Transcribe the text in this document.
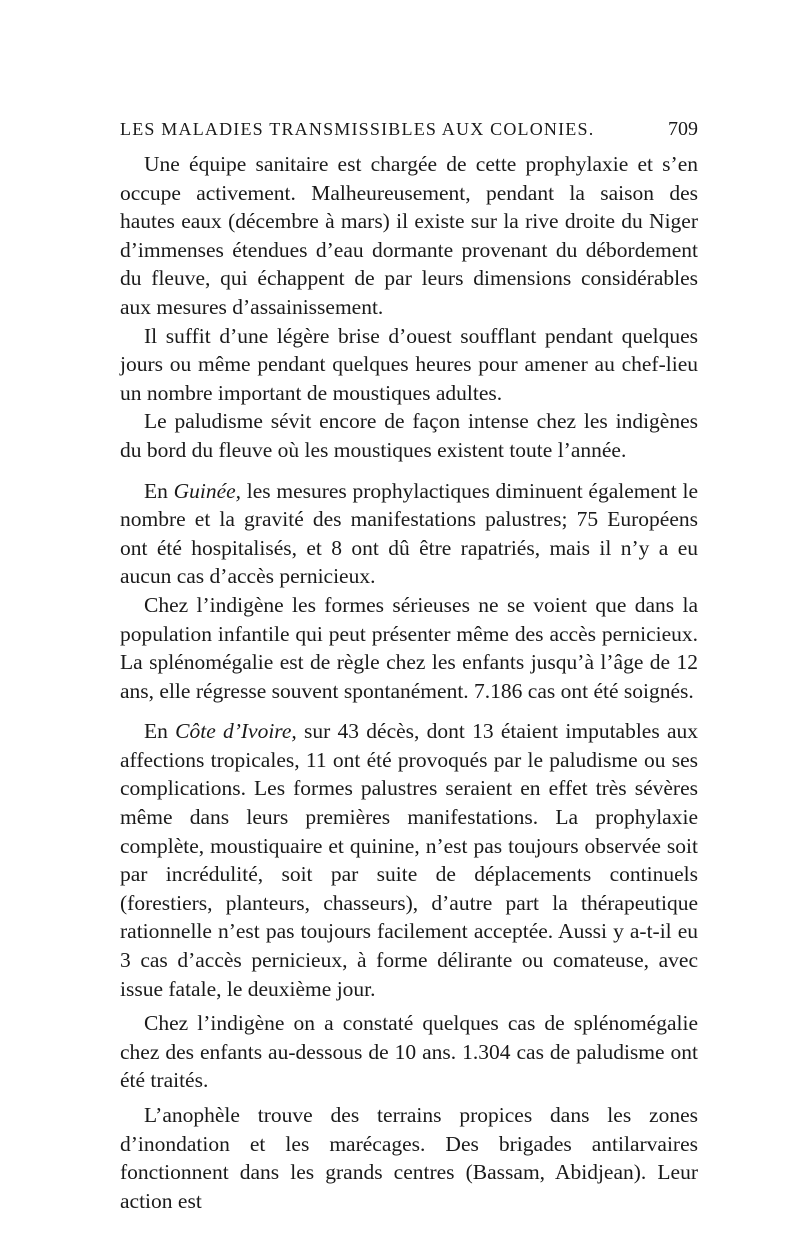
LES MALADIES TRANSMISSIBLES AUX COLONIES.	709

Une équipe sanitaire est chargée de cette prophylaxie et s’en occupe activement. Malheureusement, pendant la saison des hautes eaux (décembre à mars) il existe sur la rive droite du Niger d’immenses étendues d’eau dormante provenant du débordement du fleuve, qui échappent de par leurs dimensions considérables aux mesures d’assainissement.

Il suffit d’une légère brise d’ouest soufflant pendant quelques jours ou même pendant quelques heures pour amener au chef-lieu un nombre important de moustiques adultes.

Le paludisme sévit encore de façon intense chez les indigènes du bord du fleuve où les moustiques existent toute l’année.

En Guinée, les mesures prophylactiques diminuent également le nombre et la gravité des manifestations palustres; 75 Européens ont été hospitalisés, et 8 ont dû être rapatriés, mais il n’y a eu aucun cas d’accès pernicieux.

Chez l’indigène les formes sérieuses ne se voient que dans la population infantile qui peut présenter même des accès pernicieux. La splénomégalie est de règle chez les enfants jusqu’à l’âge de 12 ans, elle régresse souvent spontanément. 7.186 cas ont été soignés.

En Côte d’Ivoire, sur 43 décès, dont 13 étaient imputables aux affections tropicales, 11 ont été provoqués par le paludisme ou ses complications. Les formes palustres seraient en effet très sévères même dans leurs premières manifestations. La prophylaxie complète, moustiquaire et quinine, n’est pas toujours observée soit par incrédulité, soit par suite de déplacements continuels (forestiers, planteurs, chasseurs), d’autre part la thérapeutique rationnelle n’est pas toujours facilement acceptée. Aussi y a-t-il eu 3 cas d’accès pernicieux, à forme délirante ou comateuse, avec issue fatale, le deuxième jour.

Chez l’indigène on a constaté quelques cas de splénomégalie chez des enfants au-dessous de 10 ans. 1.304 cas de paludisme ont été traités.

L’anophèle trouve des terrains propices dans les zones d’inondation et les marécages. Des brigades antilarvaires fonctionnent dans les grands centres (Bassam, Abidjean). Leur action est
